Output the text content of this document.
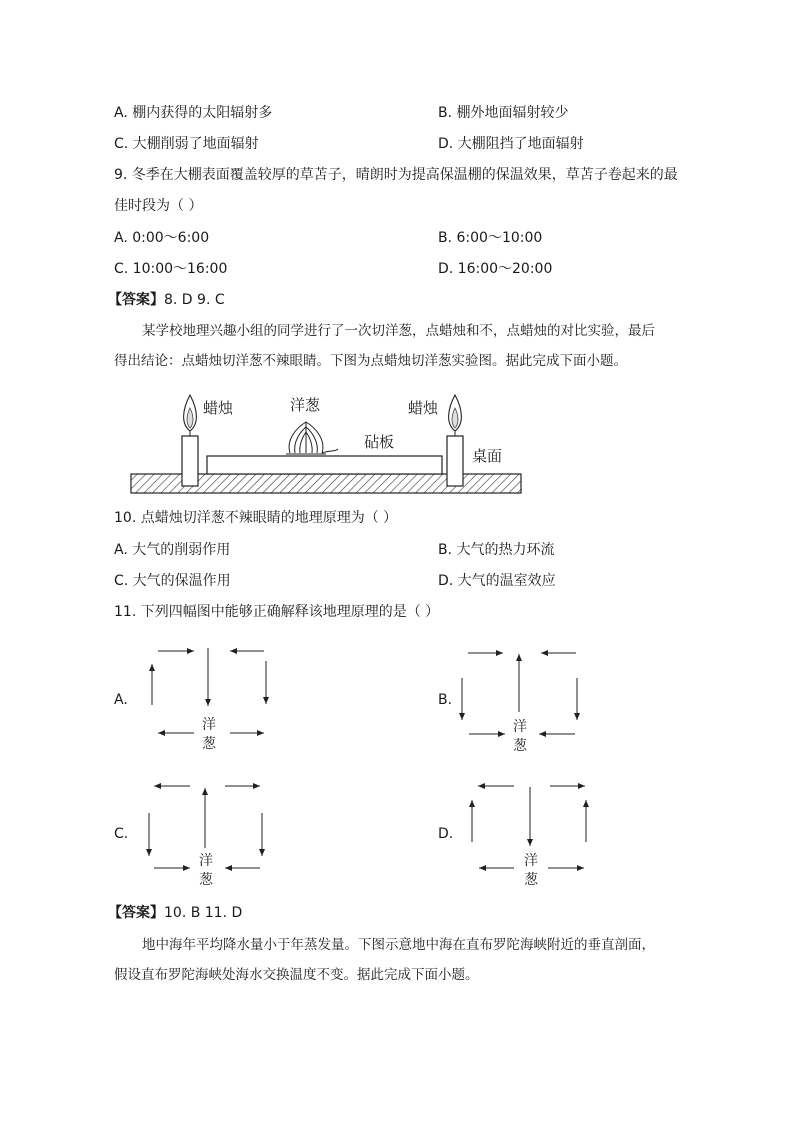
A. 棚内获得的太阳辐射多	B. 棚外地面辐射较少
C. 大棚削弱了地面辐射	D. 大棚阻挡了地面辐射
9. 冬季在大棚表面覆盖较厚的草苫子，晴朗时为提高保温棚的保温效果，草苫子卷起来的最
佳时段为（ ）
A. 0:00～6:00	B. 6:00～10:00
C. 10:00～16:00	D. 16:00～20:00
【答案】8. D 9. C
某学校地理兴趣小组的同学进行了一次切洋葱，点蜡烛和不，点蜡烛的对比实验，最后
得出结论：点蜡烛切洋葱不辣眼睛。下图为点蜡烛切洋葱实验图。据此完成下面小题。
蜡烛	洋葱	蜡烛
砧板
桌面
10. 点蜡烛切洋葱不辣眼睛的地理原理为（ ）
A. 大气的削弱作用	B. 大气的热力环流
C. 大气的保温作用	D. 大气的温室效应
11. 下列四幅图中能够正确解释该地理原理的是（ ）
A.	B.
C.	D.
洋
葱
洋
葱
洋
葱
洋
葱
【答案】10. B 11. D
地中海年平均降水量小于年蒸发量。下图示意地中海在直布罗陀海峡附近的垂直剖面，
假设直布罗陀海峡处海水交换温度不变。据此完成下面小题。
